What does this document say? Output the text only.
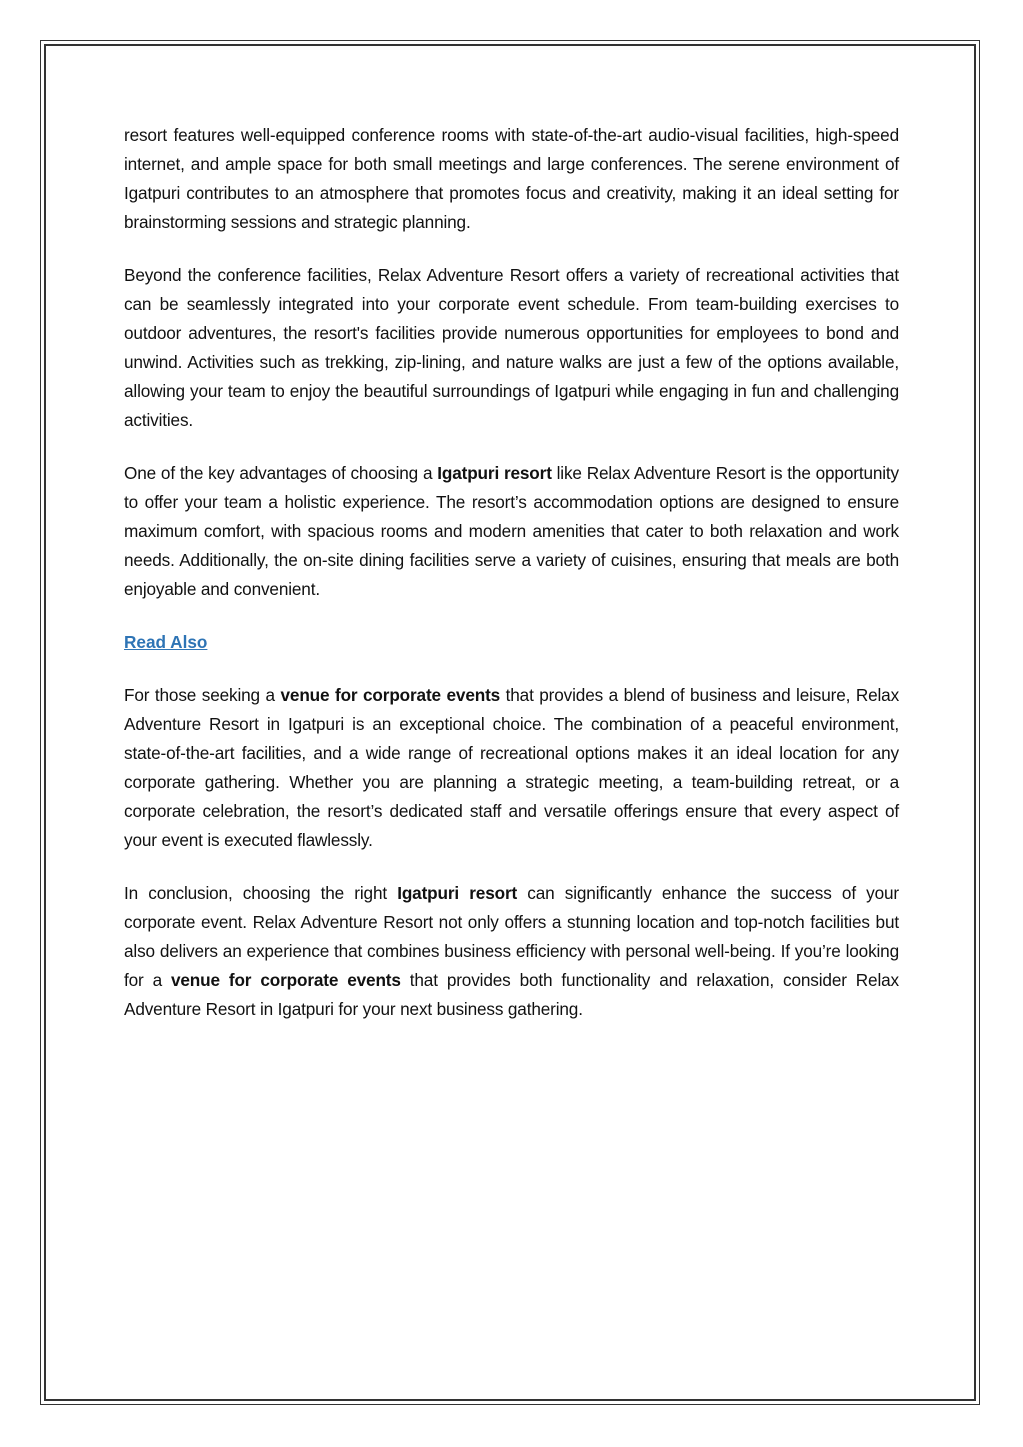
resort features well-equipped conference rooms with state-of-the-art audio-visual facilities, high-speed internet, and ample space for both small meetings and large conferences. The serene environment of Igatpuri contributes to an atmosphere that promotes focus and creativity, making it an ideal setting for brainstorming sessions and strategic planning.

Beyond the conference facilities, Relax Adventure Resort offers a variety of recreational activities that can be seamlessly integrated into your corporate event schedule. From team-building exercises to outdoor adventures, the resort's facilities provide numerous opportunities for employees to bond and unwind. Activities such as trekking, zip-lining, and nature walks are just a few of the options available, allowing your team to enjoy the beautiful surroundings of Igatpuri while engaging in fun and challenging activities.

One of the key advantages of choosing a Igatpuri resort like Relax Adventure Resort is the opportunity to offer your team a holistic experience. The resort’s accommodation options are designed to ensure maximum comfort, with spacious rooms and modern amenities that cater to both relaxation and work needs. Additionally, the on-site dining facilities serve a variety of cuisines, ensuring that meals are both enjoyable and convenient.

Read Also

For those seeking a venue for corporate events that provides a blend of business and leisure, Relax Adventure Resort in Igatpuri is an exceptional choice. The combination of a peaceful environment, state-of-the-art facilities, and a wide range of recreational options makes it an ideal location for any corporate gathering. Whether you are planning a strategic meeting, a team-building retreat, or a corporate celebration, the resort’s dedicated staff and versatile offerings ensure that every aspect of your event is executed flawlessly.

In conclusion, choosing the right Igatpuri resort can significantly enhance the success of your corporate event. Relax Adventure Resort not only offers a stunning location and top-notch facilities but also delivers an experience that combines business efficiency with personal well-being. If you’re looking for a venue for corporate events that provides both functionality and relaxation, consider Relax Adventure Resort in Igatpuri for your next business gathering.
